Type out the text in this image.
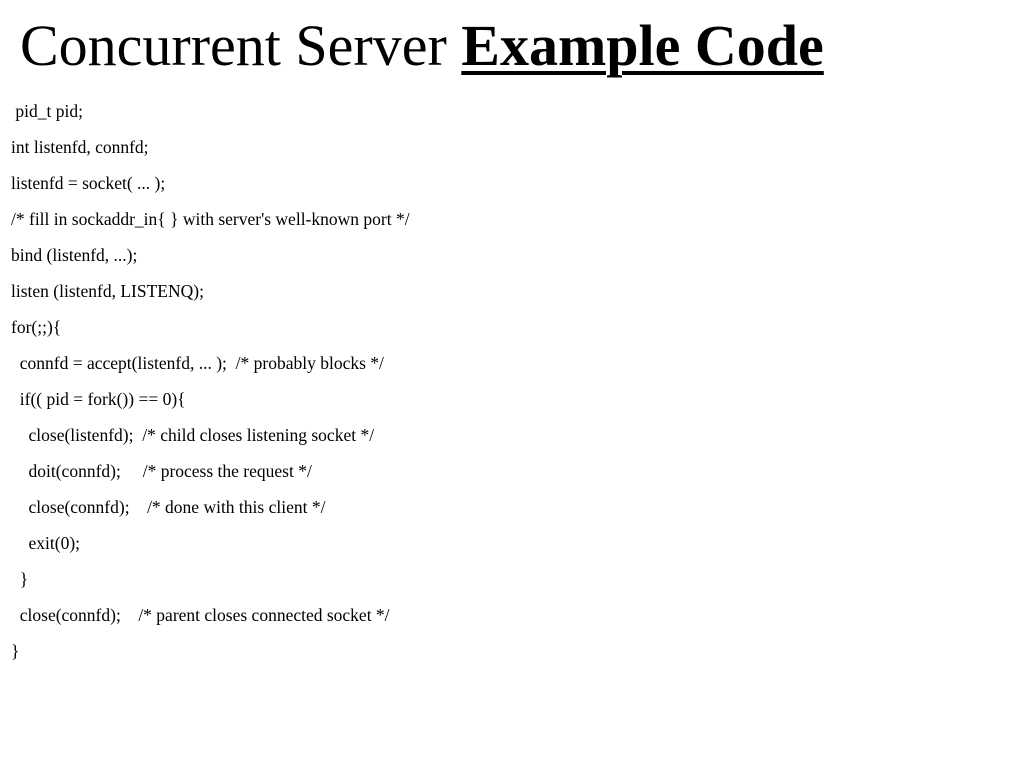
Concurrent Server Example Code
pid_t pid;
int listenfd, connfd;
listenfd = socket( ... );
/* fill in sockaddr_in{ } with server's well-known port */
bind (listenfd, ...);
listen (listenfd, LISTENQ);
for(;;){
connfd = accept(listenfd, ... );  /* probably blocks */
if(( pid = fork()) == 0){
close(listenfd);  /* child closes listening socket */
doit(connfd);     /* process the request */
close(connfd);    /* done with this client */
exit(0);
}
close(connfd);    /* parent closes connected socket */
}
